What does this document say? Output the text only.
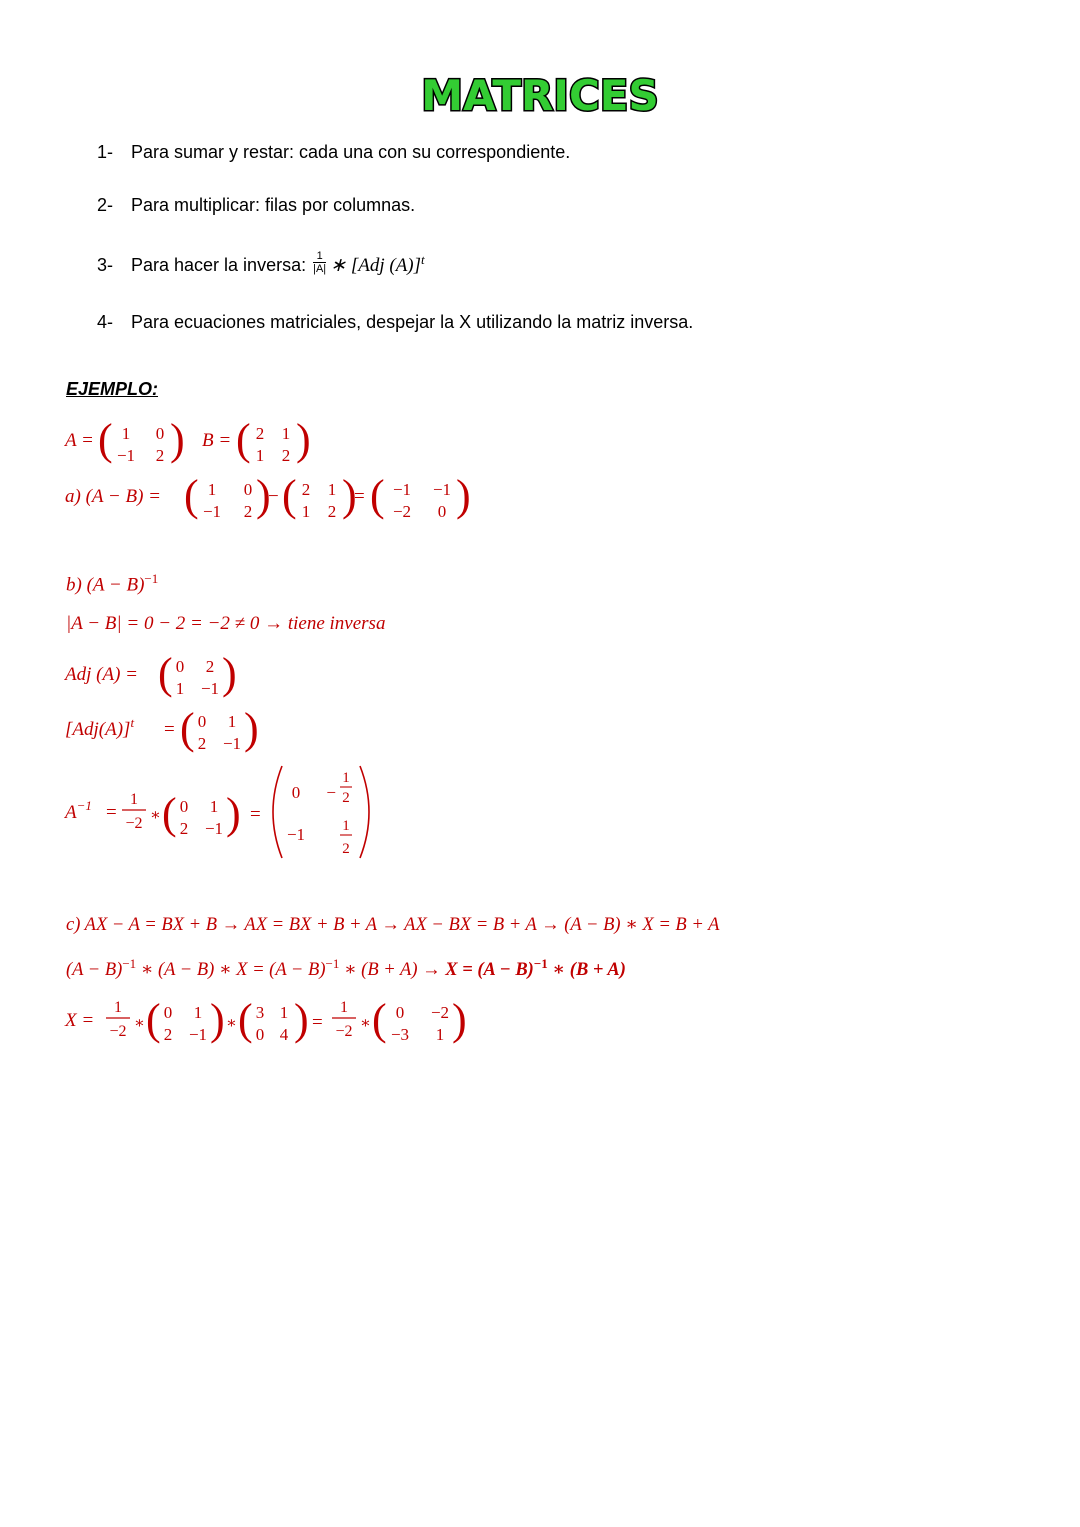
MATRICES
1- Para sumar y restar: cada una con su correspondiente.
2- Para multiplicar: filas por columnas.
3- Para hacer la inversa: $\frac{1}{|A|}$ ∗ [Adj (A)]$^t$
4- Para ecuaciones matriciales, despejar la X utilizando la matriz inversa.
EJEMPLO:
A = ( 1 0
−1 2 ) B = ( 2 1
1 2 )
a) (A − B) = ( 1 0
−1 2 )
− ( 2 1
1 2 )
= ( −1 −1
−2 0 )
b) $(A - B)^{-1}$
|A − B| = 0 − 2 = −2 ≠ 0 → tiene inversa
Adj (A) = ( 0 2
1 −1 )
$[Adj(A)]^t$ = ( 0 1
2 −1 )
$A^{-1}$ =
1
−2 ∗ ( 0 1
2 −1 ) =
0 −
1
2
−1 1
2
c) AX − A = BX + B → AX = BX + B + A → AX − BX = B + A → (A − B) ∗ X = B + A
$(A - B)^{-1}$ ∗ (A − B) ∗ $X = (A - B)^{-1}$ ∗ $(B + A) \to X = (A - B)^{-1}$ ∗ (B + A)
X =
1
−2 ∗ ( 0 1
2 −1 ) ∗ ( 3 1
0 4 ) =
1
−2 ∗ ( 0 −2
−3 1 )
